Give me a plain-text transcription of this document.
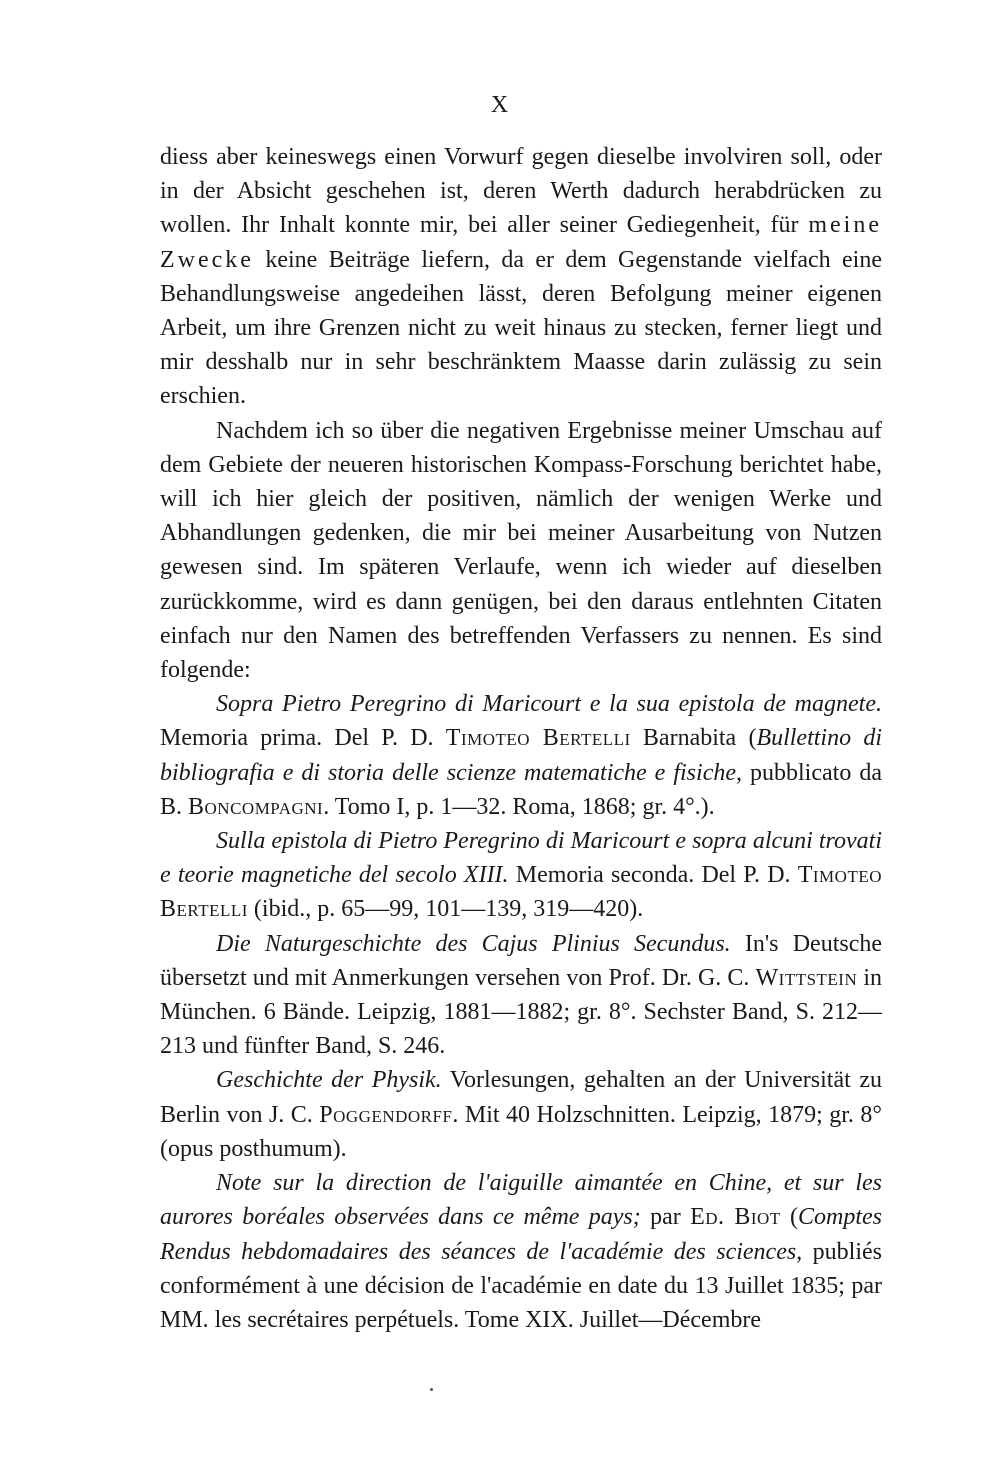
X

diess aber keineswegs einen Vorwurf gegen dieselbe involviren soll, oder in der Absicht geschehen ist, deren Werth dadurch herabdrücken zu wollen. Ihr Inhalt konnte mir, bei aller seiner Gediegenheit, für meine Zwecke keine Beiträge liefern, da er dem Gegenstande vielfach eine Behandlungsweise angedeihen lässt, deren Befolgung meiner eigenen Arbeit, um ihre Grenzen nicht zu weit hinaus zu stecken, ferner liegt und mir desshalb nur in sehr beschränktem Maasse darin zulässig zu sein erschien.

Nachdem ich so über die negativen Ergebnisse meiner Umschau auf dem Gebiete der neueren historischen Kompass-Forschung berichtet habe, will ich hier gleich der positiven, nämlich der wenigen Werke und Abhandlungen gedenken, die mir bei meiner Ausarbeitung von Nutzen gewesen sind. Im späteren Verlaufe, wenn ich wieder auf dieselben zurückkomme, wird es dann genügen, bei den daraus entlehnten Citaten einfach nur den Namen des betreffenden Verfassers zu nennen. Es sind folgende:

Sopra Pietro Peregrino di Maricourt e la sua epistola de magnete. Memoria prima. Del P. D. Timoteo Bertelli Barnabita (Bullettino di bibliografia e di storia delle scienze matematiche e fisiche, pubblicato da B. Boncompagni. Tomo I, p. 1—32. Roma, 1868; gr. 4°.).

Sulla epistola di Pietro Peregrino di Maricourt e sopra alcuni trovati e teorie magnetiche del secolo XIII. Memoria seconda. Del P. D. Timoteo Bertelli (ibid., p. 65—99, 101—139, 319—420).

Die Naturgeschichte des Cajus Plinius Secundus. In's Deutsche übersetzt und mit Anmerkungen versehen von Prof. Dr. G. C. Wittstein in München. 6 Bände. Leipzig, 1881—1882; gr. 8°. Sechster Band, S. 212—213 und fünfter Band, S. 246.

Geschichte der Physik. Vorlesungen, gehalten an der Universität zu Berlin von J. C. Poggendorff. Mit 40 Holzschnitten. Leipzig, 1879; gr. 8° (opus posthumum).

Note sur la direction de l'aiguille aimantée en Chine, et sur les aurores boréales observées dans ce même pays; par Ed. Biot (Comptes Rendus hebdomadaires des séances de l'académie des sciences, publiés conformément à une décision de l'académie en date du 13 Juillet 1835; par MM. les secrétaires perpétuels. Tome XIX. Juillet—Décembre
